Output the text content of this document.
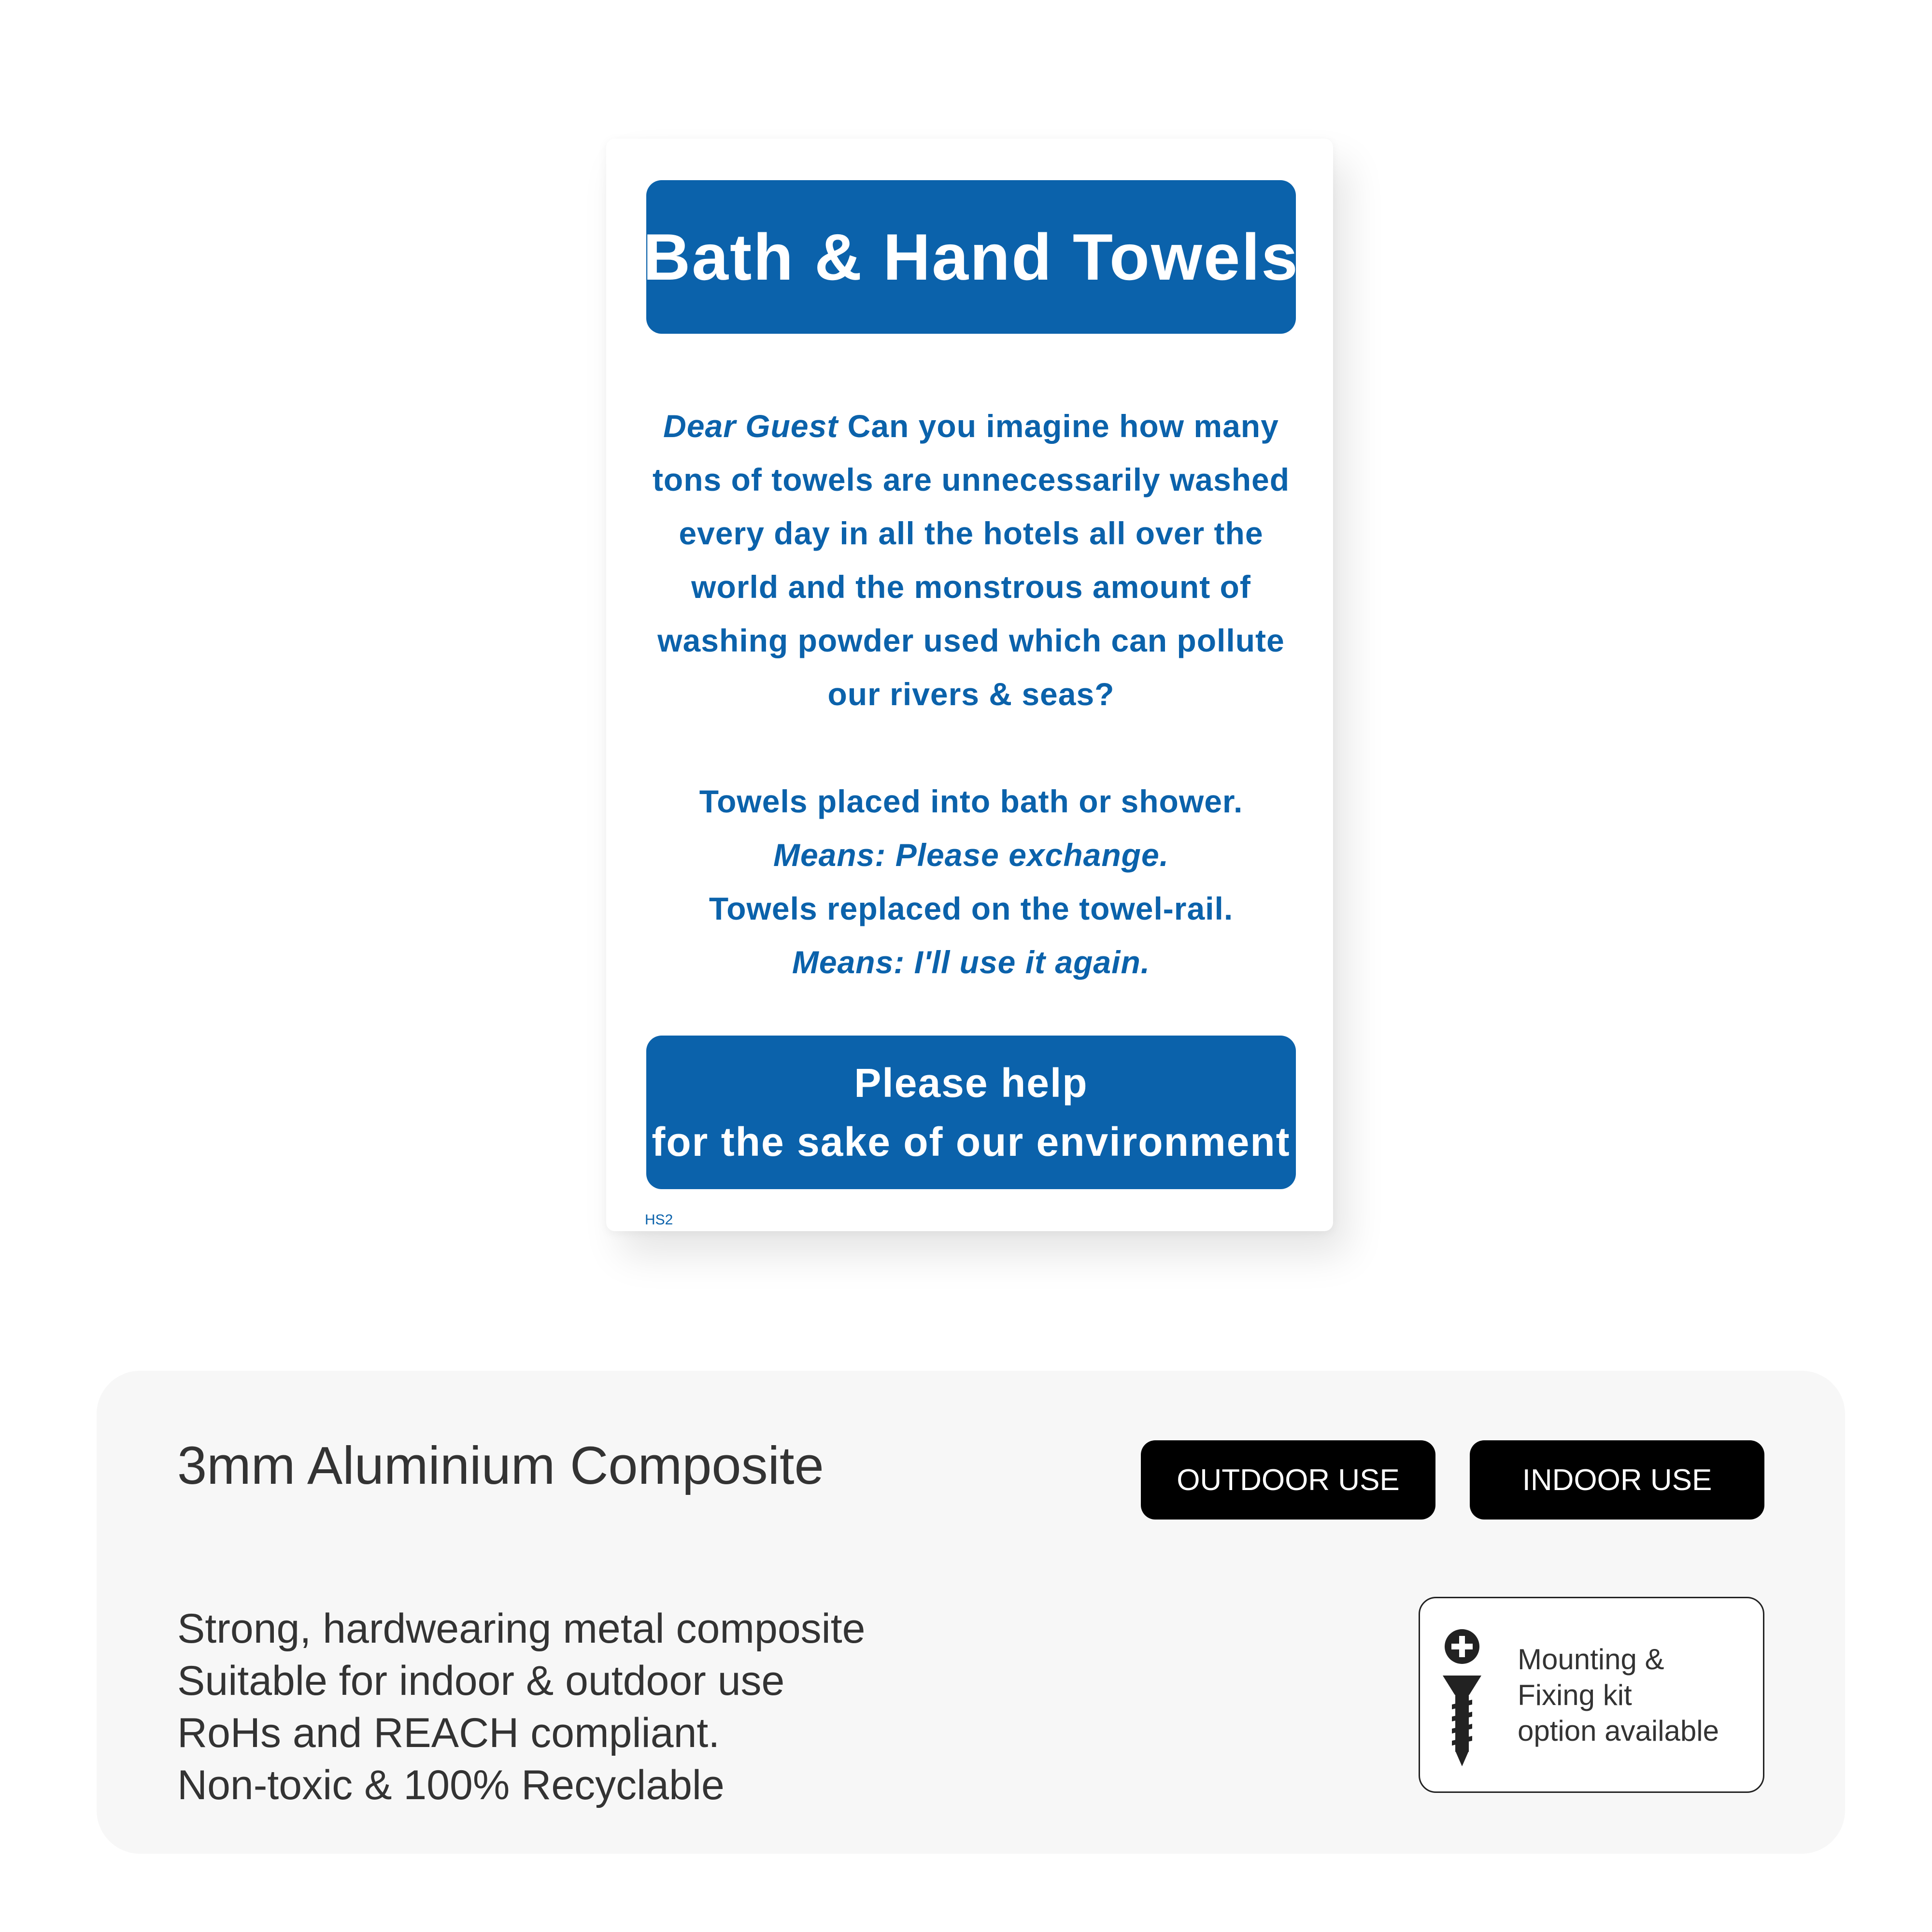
Bath & Hand Towels

Dear Guest Can you imagine how many

tons of towels are unnecessarily washed

every day in all the hotels all over the

world and the monstrous amount of

washing powder used which can pollute

our rivers & seas?

Towels placed into bath or shower.

Means: Please exchange.

Towels replaced on the towel-rail.

Means: I'll use it again.

Please help
for the sake of our environment
HS2
3mm Aluminium Composite	OUTDOOR USE	INDOOR USE
Strong, hardwearing metal composite
Suitable for indoor & outdoor use
RoHs and REACH compliant.
Non-toxic & 100% Recyclable
Mounting &
Fixing kit
option available
